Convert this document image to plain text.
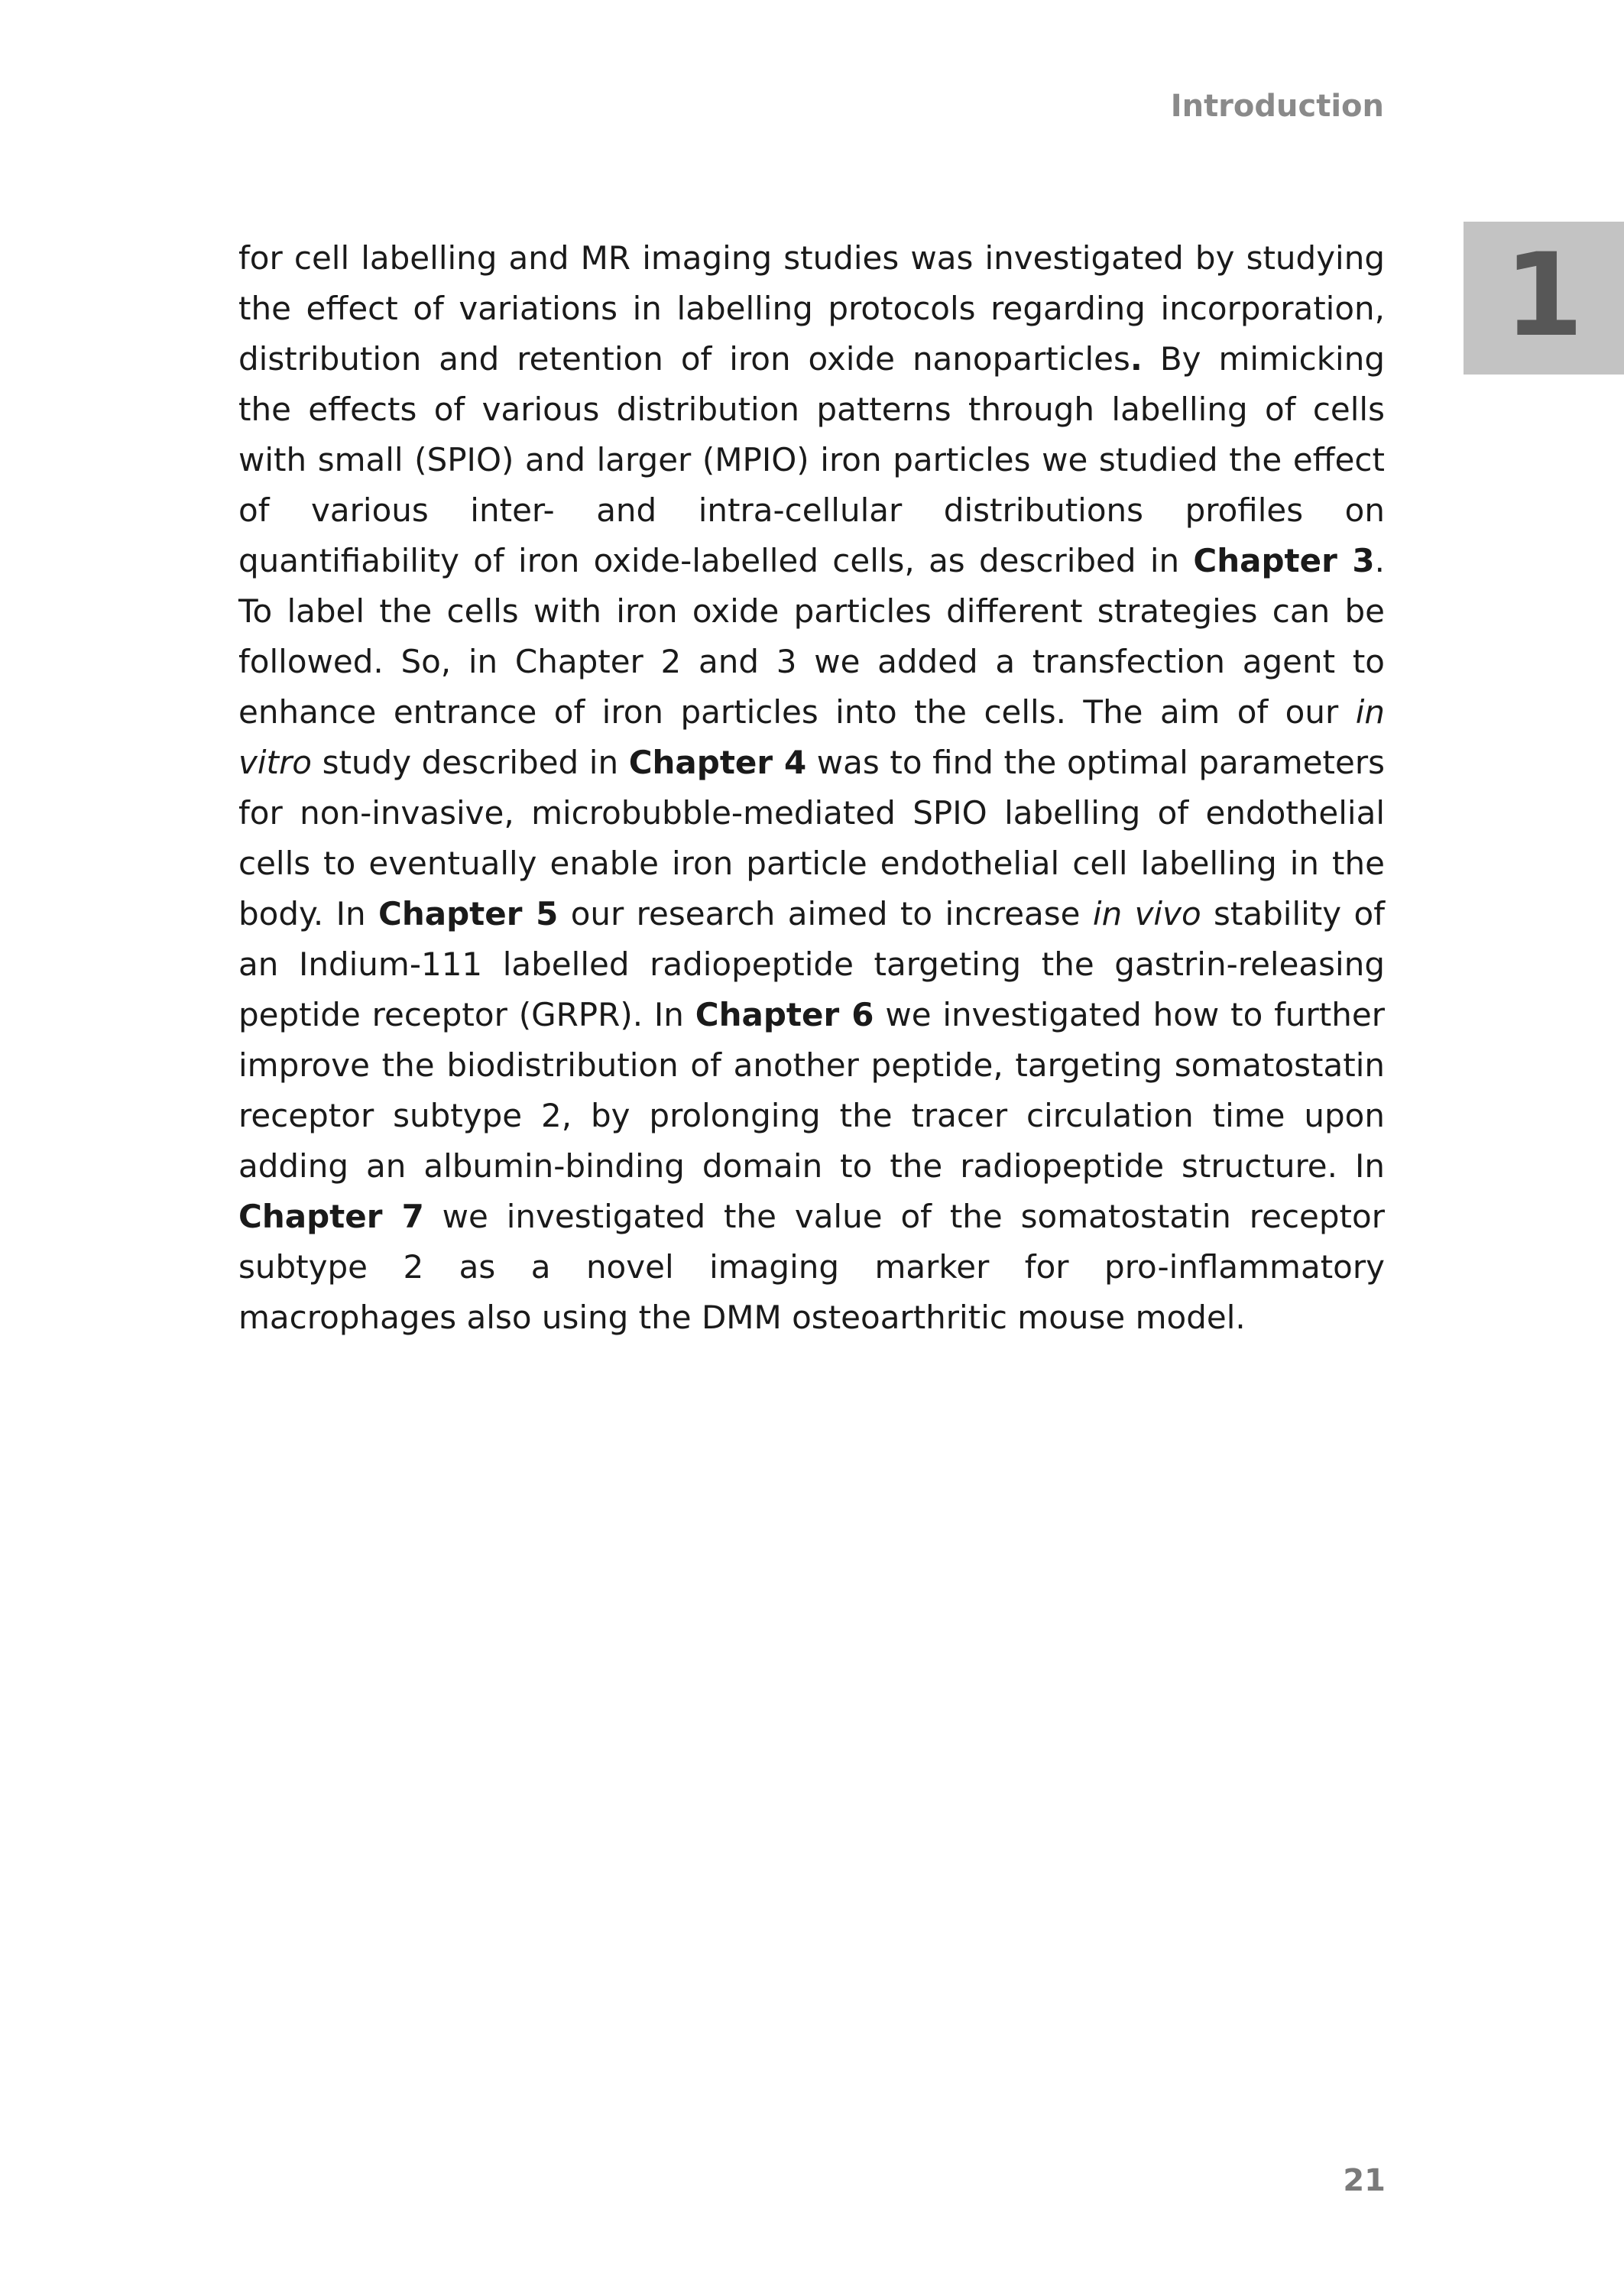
Introduction
1

for cell labelling and MR imaging studies was investigated by studying the effect of variations in labelling protocols regarding incorporation, distribution and retention of iron oxide nanoparticles. By mimicking the effects of various distribution patterns through labelling of cells with small (SPIO) and larger (MPIO) iron particles we studied the effect of various inter- and intra-cellular distributions profiles on quantifiability of iron oxide-labelled cells, as described in Chapter 3. To label the cells with iron oxide particles different strategies can be followed. So, in Chapter 2 and 3 we added a transfection agent to enhance entrance of iron particles into the cells. The aim of our in vitro study described in Chapter 4 was to find the optimal parameters for non-invasive, microbubble-mediated SPIO labelling of endothelial cells to eventually enable iron particle endothelial cell labelling in the body. In Chapter 5 our research aimed to increase in vivo stability of an Indium-111 labelled radiopeptide targeting the gastrin-releasing peptide receptor (GRPR). In Chapter 6 we investigated how to further improve the biodistribution of another peptide, targeting somatostatin receptor subtype 2, by prolonging the tracer circulation time upon adding an albumin-binding domain to the radiopeptide structure. In Chapter 7 we investigated the value of the somatostatin receptor subtype 2 as a novel imaging marker for pro-inflammatory macrophages also using the DMM osteoarthritic mouse model.

21
